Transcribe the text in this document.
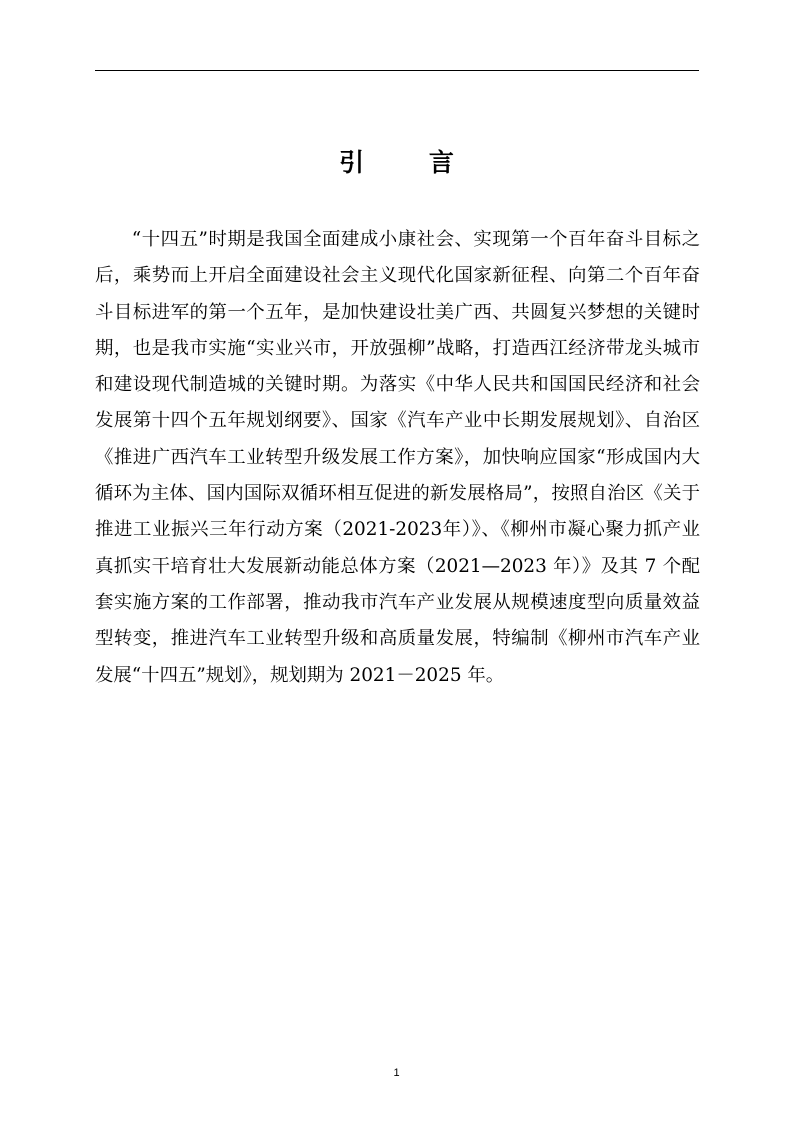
引 言

“十四五”时期是我国全面建成小康社会、实现第一个百年奋斗目标之后，乘势而上开启全面建设社会主义现代化国家新征程、向第二个百年奋斗目标进军的第一个五年，是加快建设壮美广西、共圆复兴梦想的关键时期，也是我市实施“实业兴市，开放强柳”战略，打造西江经济带龙头城市和建设现代制造城的关键时期。为落实《中华人民共和国国民经济和社会发展第十四个五年规划纲要》、国家《汽车产业中长期发展规划》、自治区《推进广西汽车工业转型升级发展工作方案》，加快响应国家“形成国内大循环为主体、国内国际双循环相互促进的新发展格局”，按照自治区《关于推进工业振兴三年行动方案（2021-2023年）》、《柳州市凝心聚力抓产业真抓实干培育壮大发展新动能总体方案（2021—2023 年）》及其 7 个配套实施方案的工作部署，推动我市汽车产业发展从规模速度型向质量效益型转变，推进汽车工业转型升级和高质量发展，特编制《柳州市汽车产业发展“十四五”规划》，规划期为 2021－2025 年。

1
